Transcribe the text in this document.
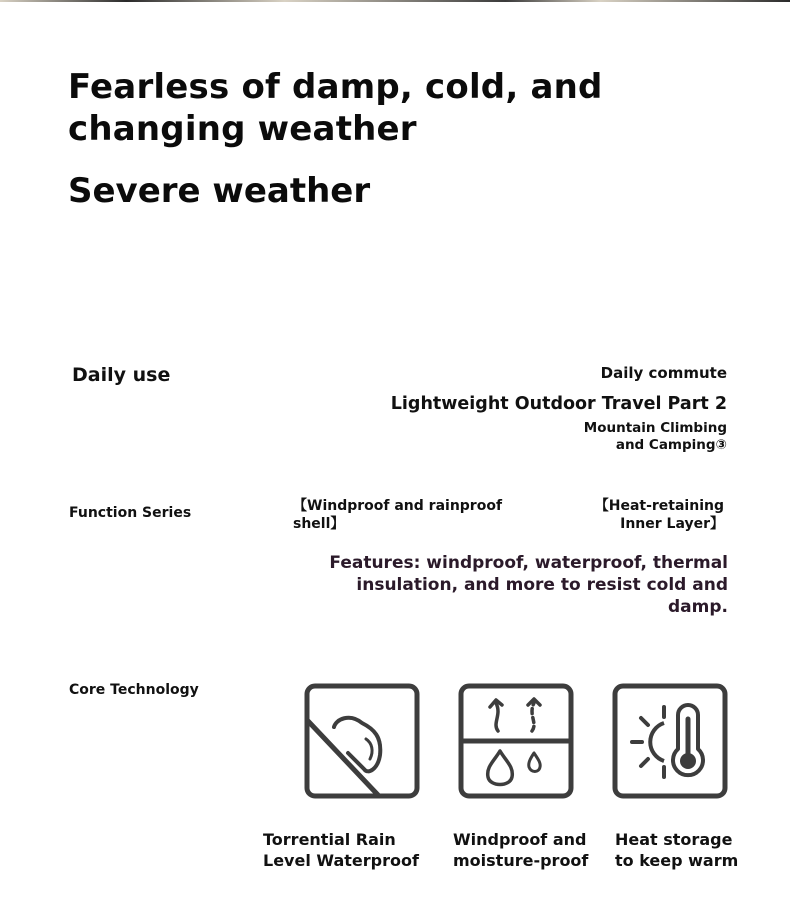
Fearless of damp, cold, and
changing weather
Severe weather
Daily use	Daily commute
Lightweight Outdoor Travel Part 2
Mountain Climbing and Camping③
Function Series	【Windproof and rainproof shell】
【Heat-retaining Inner Layer】
Features: windproof, waterproof, thermal insulation, and more to resist cold and damp.
Core Technology
Torrential Rain Level Waterproof
Windproof and moisture-proof
Heat storage to keep warm
